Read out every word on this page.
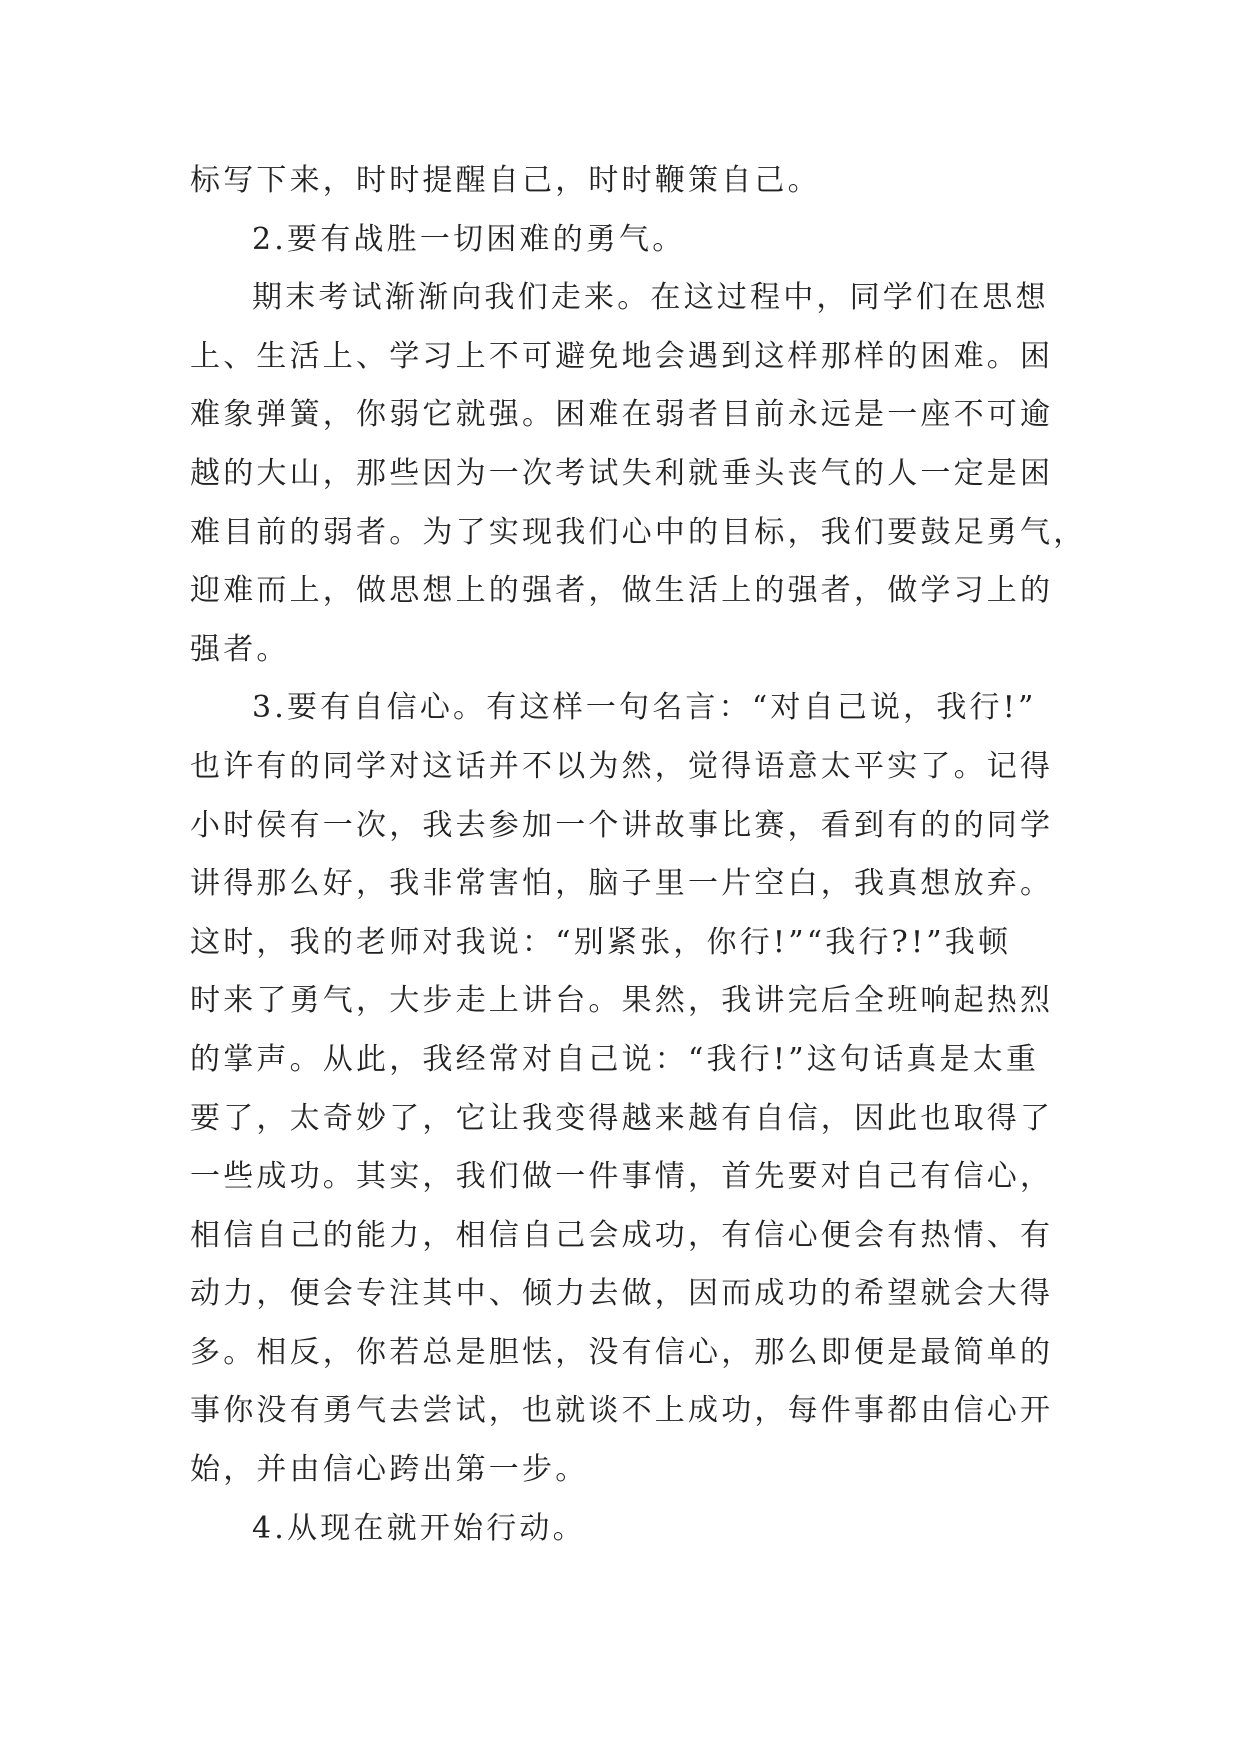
标写下来，时时提醒自己，时时鞭策自己。
2.要有战胜一切困难的勇气。
期末考试渐渐向我们走来。在这过程中，同学们在思想
上、生活上、学习上不可避免地会遇到这样那样的困难。困
难象弹簧，你弱它就强。困难在弱者目前永远是一座不可逾
越的大山，那些因为一次考试失利就垂头丧气的人一定是困
难目前的弱者。为了实现我们心中的目标，我们要鼓足勇气，
迎难而上，做思想上的强者，做生活上的强者，做学习上的
强者。
3.要有自信心。有这样一句名言：“对自己说，我行!”
也许有的同学对这话并不以为然，觉得语意太平实了。记得
小时侯有一次，我去参加一个讲故事比赛，看到有的的同学
讲得那么好，我非常害怕，脑子里一片空白，我真想放弃。
这时，我的老师对我说：“别紧张，你行!”“我行?!”我顿
时来了勇气，大步走上讲台。果然，我讲完后全班响起热烈
的掌声。从此，我经常对自己说：“我行!”这句话真是太重
要了，太奇妙了，它让我变得越来越有自信，因此也取得了
一些成功。其实，我们做一件事情，首先要对自己有信心，
相信自己的能力，相信自己会成功，有信心便会有热情、有
动力，便会专注其中、倾力去做，因而成功的希望就会大得
多。相反，你若总是胆怯，没有信心，那么即便是最简单的
事你没有勇气去尝试，也就谈不上成功，每件事都由信心开
始，并由信心跨出第一步。
4.从现在就开始行动。
